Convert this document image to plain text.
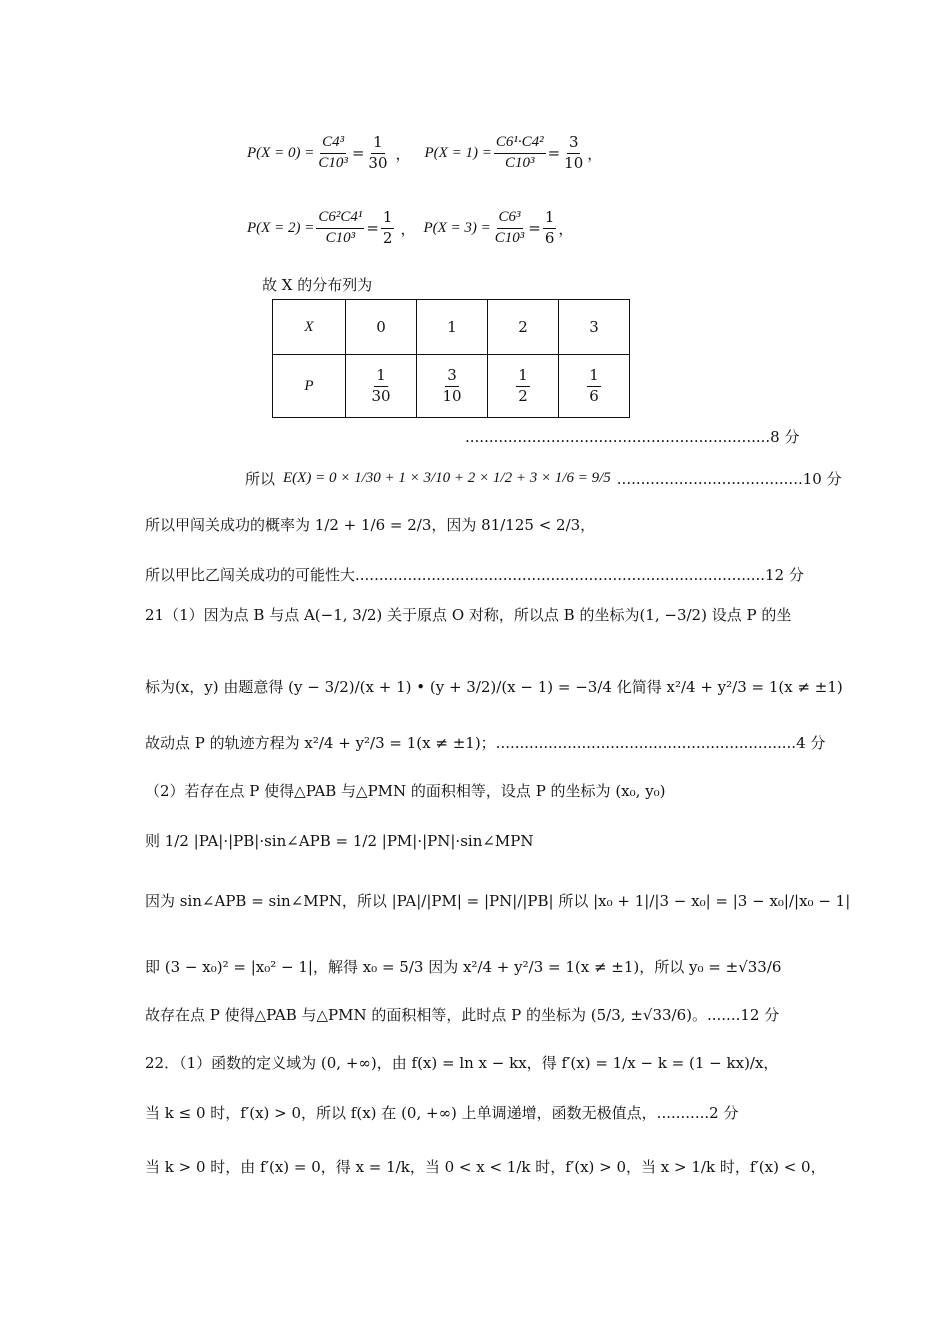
$P(X = 0) = \frac{\text{C4³}}{\text{C10³}} = \frac{1}{30}$ ， $P(X = 1) = \frac{\text{C6¹·C4²}}{\text{C10³}} = \frac{3}{10}$ ，
$P(X = 2) = \frac{\text{C6²C4¹}}{\text{C10³}} = \frac{1}{2}$ ， $P(X = 3) = \frac{\text{C6³}}{\text{C10³}} = \frac{1}{6}$ ，
故 X 的分布列为
X	0	1	2	3
P	$\frac{1}{30}$	$\frac{3}{10}$	$\frac{1}{2}$	$\frac{1}{6}$
................................................................8 分
所以 E(X) = 0 × 1/30 + 1 × 3/10 + 2 × 1/2 + 3 × 1/6 = 9/5 .......................................10 分
所以甲闯关成功的概率为 1/2 + 1/6 = 2/3，因为 81/125 < 2/3，
所以甲比乙闯关成功的可能性大......................................................................................12 分
21（1）因为点 B 与点 A(−1, 3/2) 关于原点 O 对称，所以点 B 的坐标为(1, −3/2) 设点 P 的坐
标为(x，y) 由题意得 (y − 3/2)/(x + 1) • (y + 3/2)/(x − 1) = −3/4 化简得 x²/4 + y²/3 = 1(x ≠ ±1)
故动点 P 的轨迹方程为 x²/4 + y²/3 = 1(x ≠ ±1)；...............................................................4 分
（2）若存在点 P 使得△PAB 与△PMN 的面积相等，设点 P 的坐标为 (x₀, y₀)
则 1/2 |PA|·|PB|·sin∠APB = 1/2 |PM|·|PN|·sin∠MPN
因为 sin∠APB = sin∠MPN，所以 |PA|/|PM| = |PN|/|PB| 所以 |x₀ + 1|/|3 − x₀| = |3 − x₀|/|x₀ − 1|
即 (3 − x₀)² = |x₀² − 1|，解得 x₀ = 5/3 因为 x²/4 + y²/3 = 1(x ≠ ±1)，所以 y₀ = ±√33/6
故存在点 P 使得△PAB 与△PMN 的面积相等，此时点 P 的坐标为 (5/3, ±√33/6)。.......12 分
22．（1）函数的定义域为 (0, +∞)，由 f(x) = ln x − kx，得 f′(x) = 1/x − k = (1 − kx)/x，
当 k ≤ 0 时，f′(x) > 0，所以 f(x) 在 (0, +∞) 上单调递增，函数无极值点，...........2 分
当 k > 0 时，由 f′(x) = 0，得 x = 1/k，当 0 < x < 1/k 时，f′(x) > 0，当 x > 1/k 时，f′(x) < 0，
